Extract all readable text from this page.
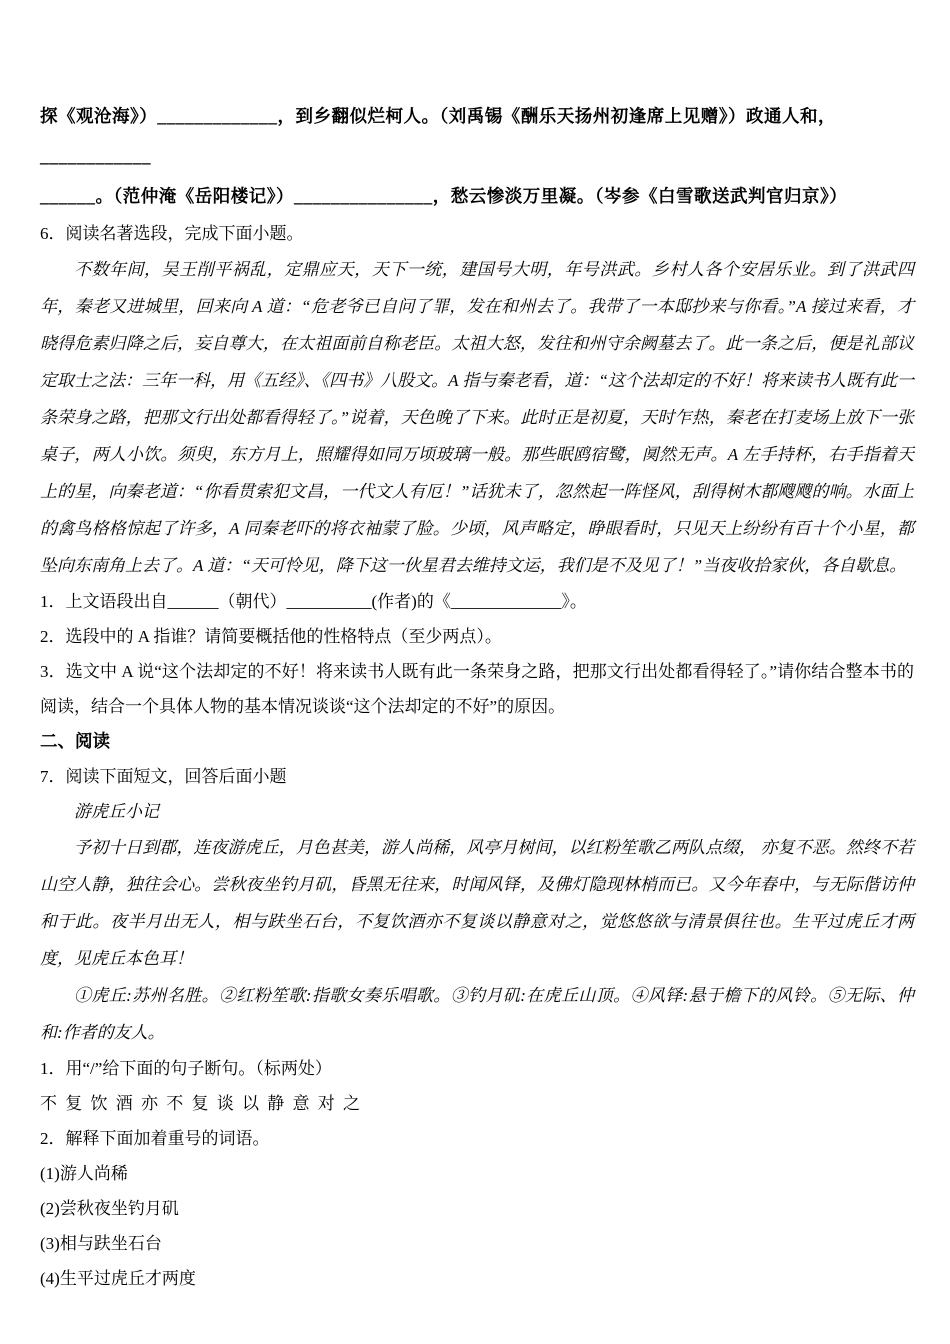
探《观沧海》）_____________，到乡翻似烂柯人。（刘禹锡《酬乐天扬州初逢席上见赠》）政通人和，____________
______。（范仲淹《岳阳楼记》）_______________，愁云惨淡万里凝。（岑参《白雪歌送武判官归京》）
6．阅读名著选段，完成下面小题。

不数年间，吴王削平祸乱，定鼎应天，天下一统，建国号大明，年号洪武。乡村人各个安居乐业。到了洪武四年，秦老又进城里，回来向 A 道：“危老爷已自问了罪，发在和州去了。我带了一本邸抄来与你看。”A 接过来看，才晓得危素归降之后，妄自尊大，在太祖面前自称老臣。太祖大怒，发往和州守余阙墓去了。此一条之后，便是礼部议定取士之法：三年一科，用《五经》、《四书》八股文。A 指与秦老看，道：“这个法却定的不好！将来读书人既有此一条荣身之路，把那文行出处都看得轻了。”说着，天色晚了下来。此时正是初夏，天时乍热，秦老在打麦场上放下一张桌子，两人小饮。须臾，东方月上，照耀得如同万顷玻璃一般。那些眠鸥宿鹭，阒然无声。A 左手持杯，右手指着天上的星，向秦老道：“你看贯索犯文昌，一代文人有厄！”话犹未了，忽然起一阵怪风，刮得树木都飕飕的响。水面上的禽鸟格格惊起了许多，A 同秦老吓的将衣袖蒙了脸。少顷，风声略定，睁眼看时，只见天上纷纷有百十个小星，都坠向东南角上去了。A 道：“天可怜见，降下这一伙星君去维持文运，我们是不及见了！”当夜收拾家伙，各自歇息。

1．上文语段出自______（朝代）__________(作者)的《_____________》。
2．选段中的 A 指谁？请简要概括他的性格特点（至少两点）。
3．选文中 A 说“这个法却定的不好！将来读书人既有此一条荣身之路，把那文行出处都看得轻了。”请你结合整本书的阅读，结合一个具体人物的基本情况谈谈“这个法却定的不好”的原因。
二、阅读
7．阅读下面短文，回答后面小题
游虎丘小记

予初十日到郡，连夜游虎丘，月色甚美，游人尚稀，风亭月树间，以红粉笙歌乙两队点缀， 亦复不恶。然终不若山空人静，独往会心。尝秋夜坐钓月矶，昏黑无往来，时闻风铎，及佛灯隐现林梢而已。又今年春中，与无际偕访仲和于此。夜半月出无人，相与趺坐石台，不复饮酒亦不复谈以静意对之，觉悠悠欲与清景俱往也。生平过虎丘才两度，见虎丘本色耳！

①虎丘:苏州名胜。②红粉笙歌:指歌女奏乐唱歌。③钓月矶:在虎丘山顶。④风铎:悬于檐下的风铃。⑤无际、仲和:作者的友人。

1．用“/”给下面的句子断句。（标两处）
不 复 饮 酒 亦 不 复 谈 以 静 意 对 之
2．解释下面加着重号的词语。
(1)游人尚稀
(2)尝秋夜坐钓月矶
(3)相与趺坐石台
(4)生平过虎丘才两度
